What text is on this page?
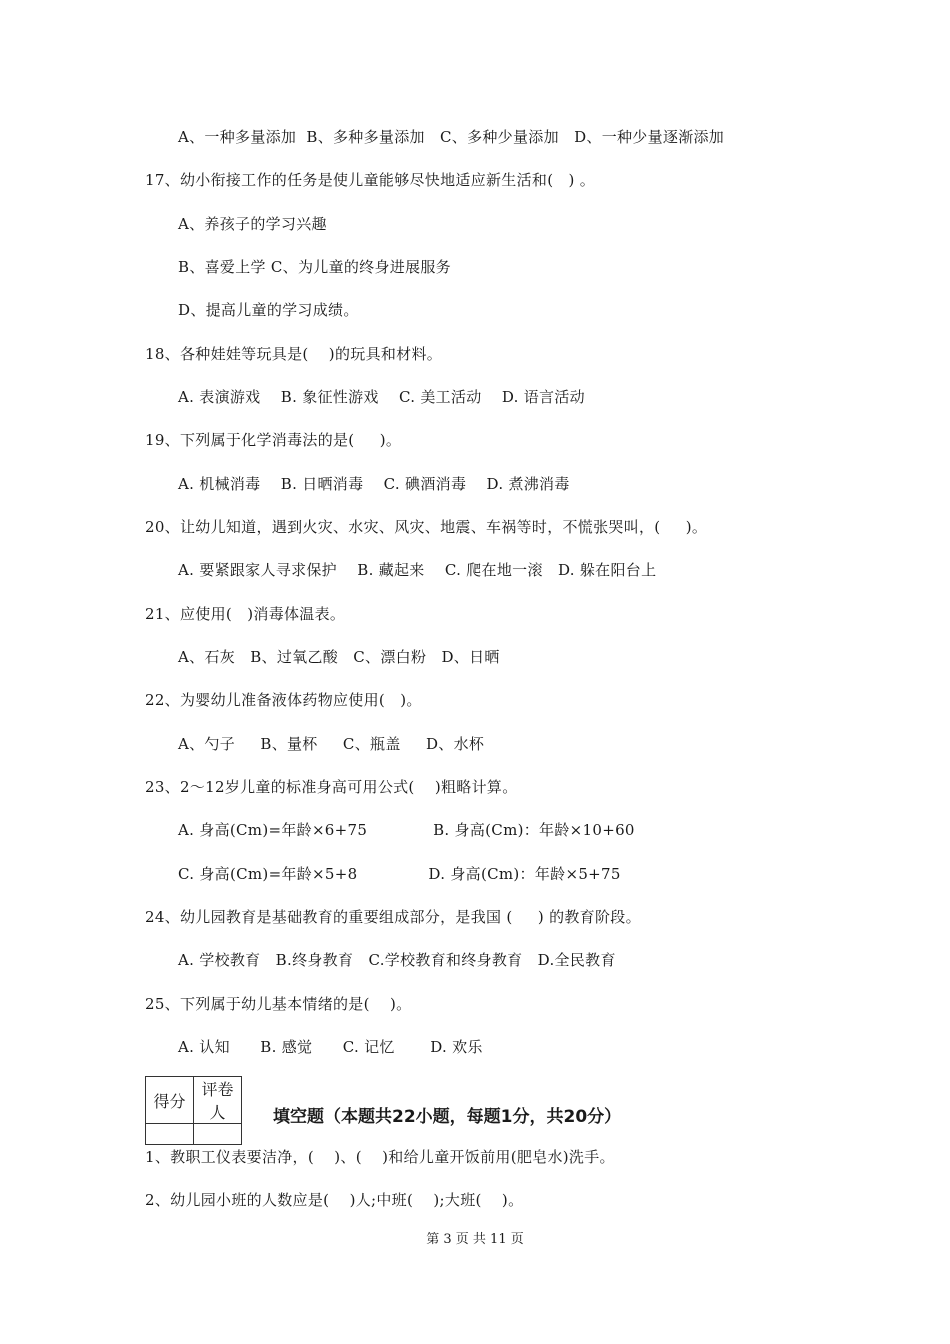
A、一种多量添加  B、多种多量添加   C、多种少量添加   D、一种少量逐渐添加
17、幼小衔接工作的任务是使儿童能够尽快地适应新生活和(   ) 。
A、养孩子的学习兴趣
B、喜爱上学 C、为儿童的终身进展服务
D、提高儿童的学习成绩。
18、各种娃娃等玩具是(    )的玩具和材料。
A. 表演游戏    B. 象征性游戏    C. 美工活动    D. 语言活动
19、下列属于化学消毒法的是(     )。
A. 机械消毒    B. 日晒消毒    C. 碘酒消毒    D. 煮沸消毒
20、让幼儿知道，遇到火灾、水灾、风灾、地震、车祸等时，不慌张哭叫，(     )。
A. 要紧跟家人寻求保护    B. 藏起来    C. 爬在地一滚   D. 躲在阳台上
21、应使用(   )消毒体温表。
A、石灰   B、过氧乙酸   C、漂白粉   D、日晒
22、为婴幼儿准备液体药物应使用(   )。
A、勺子     B、量杯     C、瓶盖     D、水杯
23、2～12岁儿童的标准身高可用公式(    )粗略计算。
A. 身高(Cm)=年龄×6+75             B. 身高(Cm)：年龄×10+60
C. 身高(Cm)=年龄×5+8              D. 身高(Cm)：年龄×5+75
24、幼儿园教育是基础教育的重要组成部分，是我国 (     ) 的教育阶段。
A. 学校教育   B.终身教育   C.学校教育和终身教育   D.全民教育
25、下列属于幼儿基本情绪的是(    )。
A. 认知      B. 感觉      C. 记忆       D. 欢乐
得分	评卷人
		填空题（本题共22小题，每题1分，共20分）
1、教职工仪表要洁净，(    )、(    )和给儿童开饭前用(肥皂水)洗手。
2、幼儿园小班的人数应是(    )人;中班(    );大班(    )。
第 3 页 共 11 页
